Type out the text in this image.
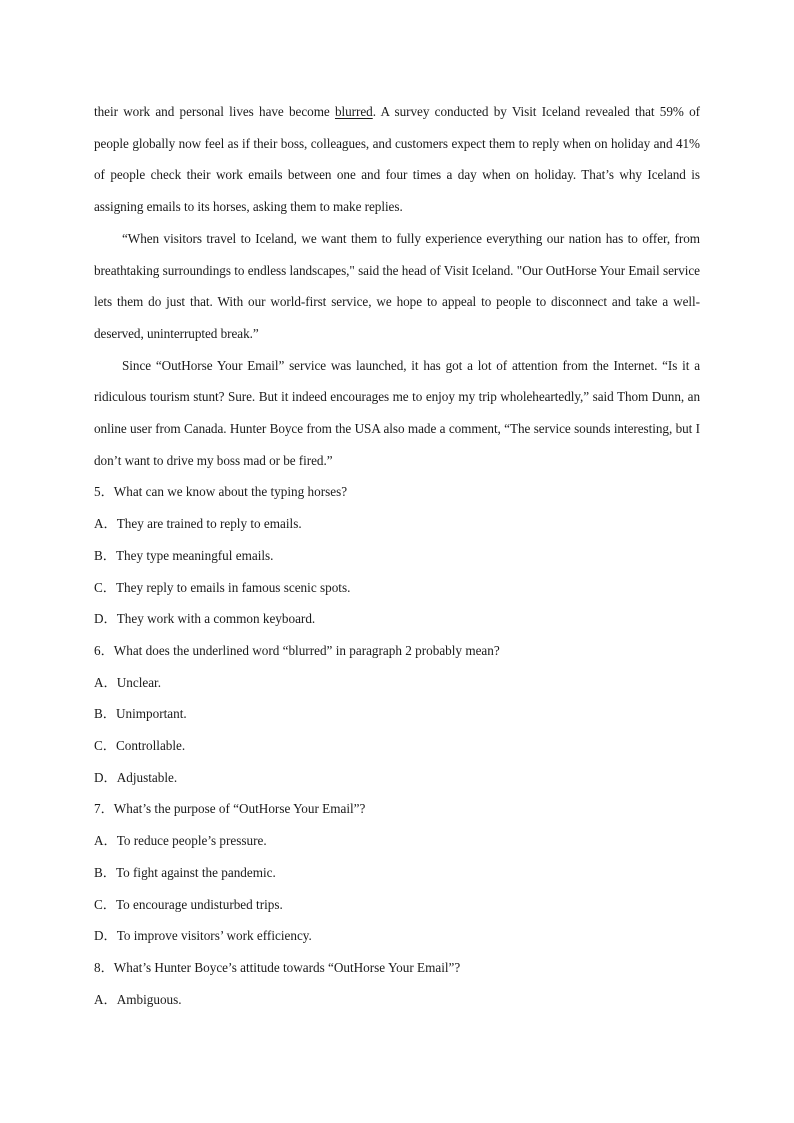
their work and personal lives have become blurred. A survey conducted by Visit Iceland revealed that 59% of people globally now feel as if their boss, colleagues, and customers expect them to reply when on holiday and 41% of people check their work emails between one and four times a day when on holiday. That’s why Iceland is assigning emails to its horses, asking them to make replies.

“When visitors travel to Iceland, we want them to fully experience everything our nation has to offer, from breathtaking surroundings to endless landscapes," said the head of Visit Iceland. "Our OutHorse Your Email service lets them do just that. With our world-first service, we hope to appeal to people to disconnect and take a well-deserved, uninterrupted break.”

Since “OutHorse Your Email” service was launched, it has got a lot of attention from the Internet. “Is it a ridiculous tourism stunt? Sure. But it indeed encourages me to enjoy my trip wholeheartedly,” said Thom Dunn, an online user from Canada. Hunter Boyce from the USA also made a comment, “The service sounds interesting, but I don’t want to drive my boss mad or be fired.”

5．What can we know about the typing horses?

A．They are trained to reply to emails.

B．They type meaningful emails.

C．They reply to emails in famous scenic spots.

D．They work with a common keyboard.

6．What does the underlined word “blurred” in paragraph 2 probably mean?

A．Unclear.

B．Unimportant.

C．Controllable.

D．Adjustable.

7．What’s the purpose of “OutHorse Your Email”?

A．To reduce people’s pressure.

B．To fight against the pandemic.

C．To encourage undisturbed trips.

D．To improve visitors’ work efficiency.

8．What’s Hunter Boyce’s attitude towards “OutHorse Your Email”?

A．Ambiguous.
